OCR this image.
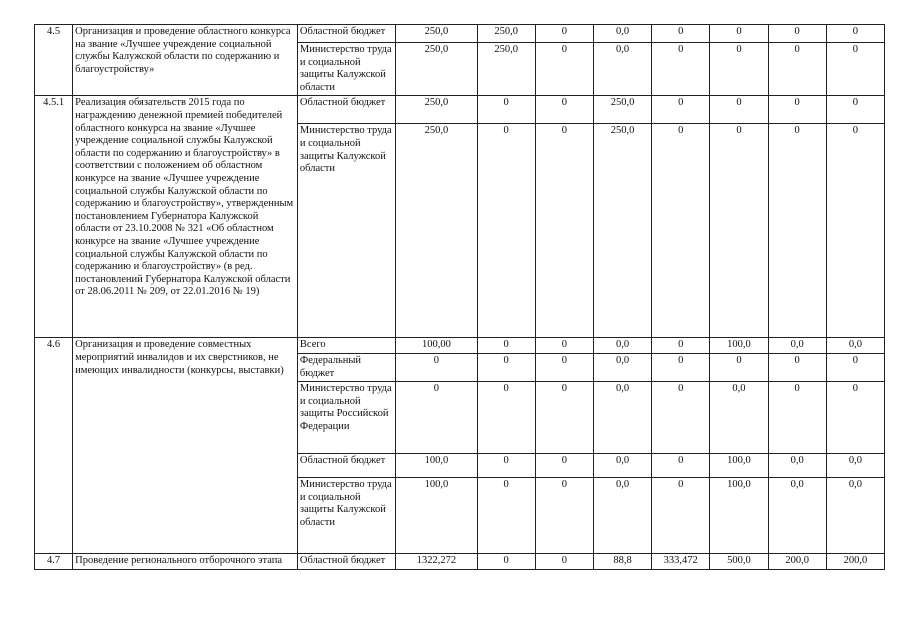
4.5	Организация и проведение областного конкурса на звание «Лучшее учреждение социальной службы Калужской области по содержанию и благоустройству»	Областной бюджет	250,0	250,0	0	0,0	0	0	0	0
		Министерство труда и социальной защиты Калужской области	250,0	250,0	0	0,0	0	0	0	0
4.5.1	Реализация обязательств 2015 года по награждению денежной премией победителей областного конкурса на звание «Лучшее учреждение социальной службы Калужской области по содержанию и благоустройству» в соответствии с положением об областном конкурсе на звание «Лучшее учреждение социальной службы Калужской области по содержанию и благоустройству», утвержденным постановлением Губернатора Калужской области от 23.10.2008 № 321 «Об областном конкурсе на звание «Лучшее учреждение социальной службы Калужской области по содержанию и благоустройству» (в ред. постановлений Губернатора Калужской области от 28.06.2011 № 209, от 22.01.2016 № 19)	Областной бюджет	250,0	0	0	250,0	0	0	0	0
		Министерство труда и социальной защиты Калужской области	250,0	0	0	250,0	0	0	0	0
4.6	Организация и проведение совместных мероприятий инвалидов и их сверстников, не имеющих инвалидности (конкурсы, выставки)	Всего	100,00	0	0	0,0	0	100,0	0,0	0,0
		Федеральный бюджет	0	0	0	0,0	0	0	0	0
		Министерство труда и социальной защиты Российской Федерации	0	0	0	0,0	0	0,0	0	0
		Областной бюджет	100,0	0	0	0,0	0	100,0	0,0	0,0
		Министерство труда и социальной защиты Калужской области	100,0	0	0	0,0	0	100,0	0,0	0,0
4.7	Проведение регионального отборочного этапа	Областной бюджет	1322,272	0	0	88,8	333,472	500,0	200,0	200,0
